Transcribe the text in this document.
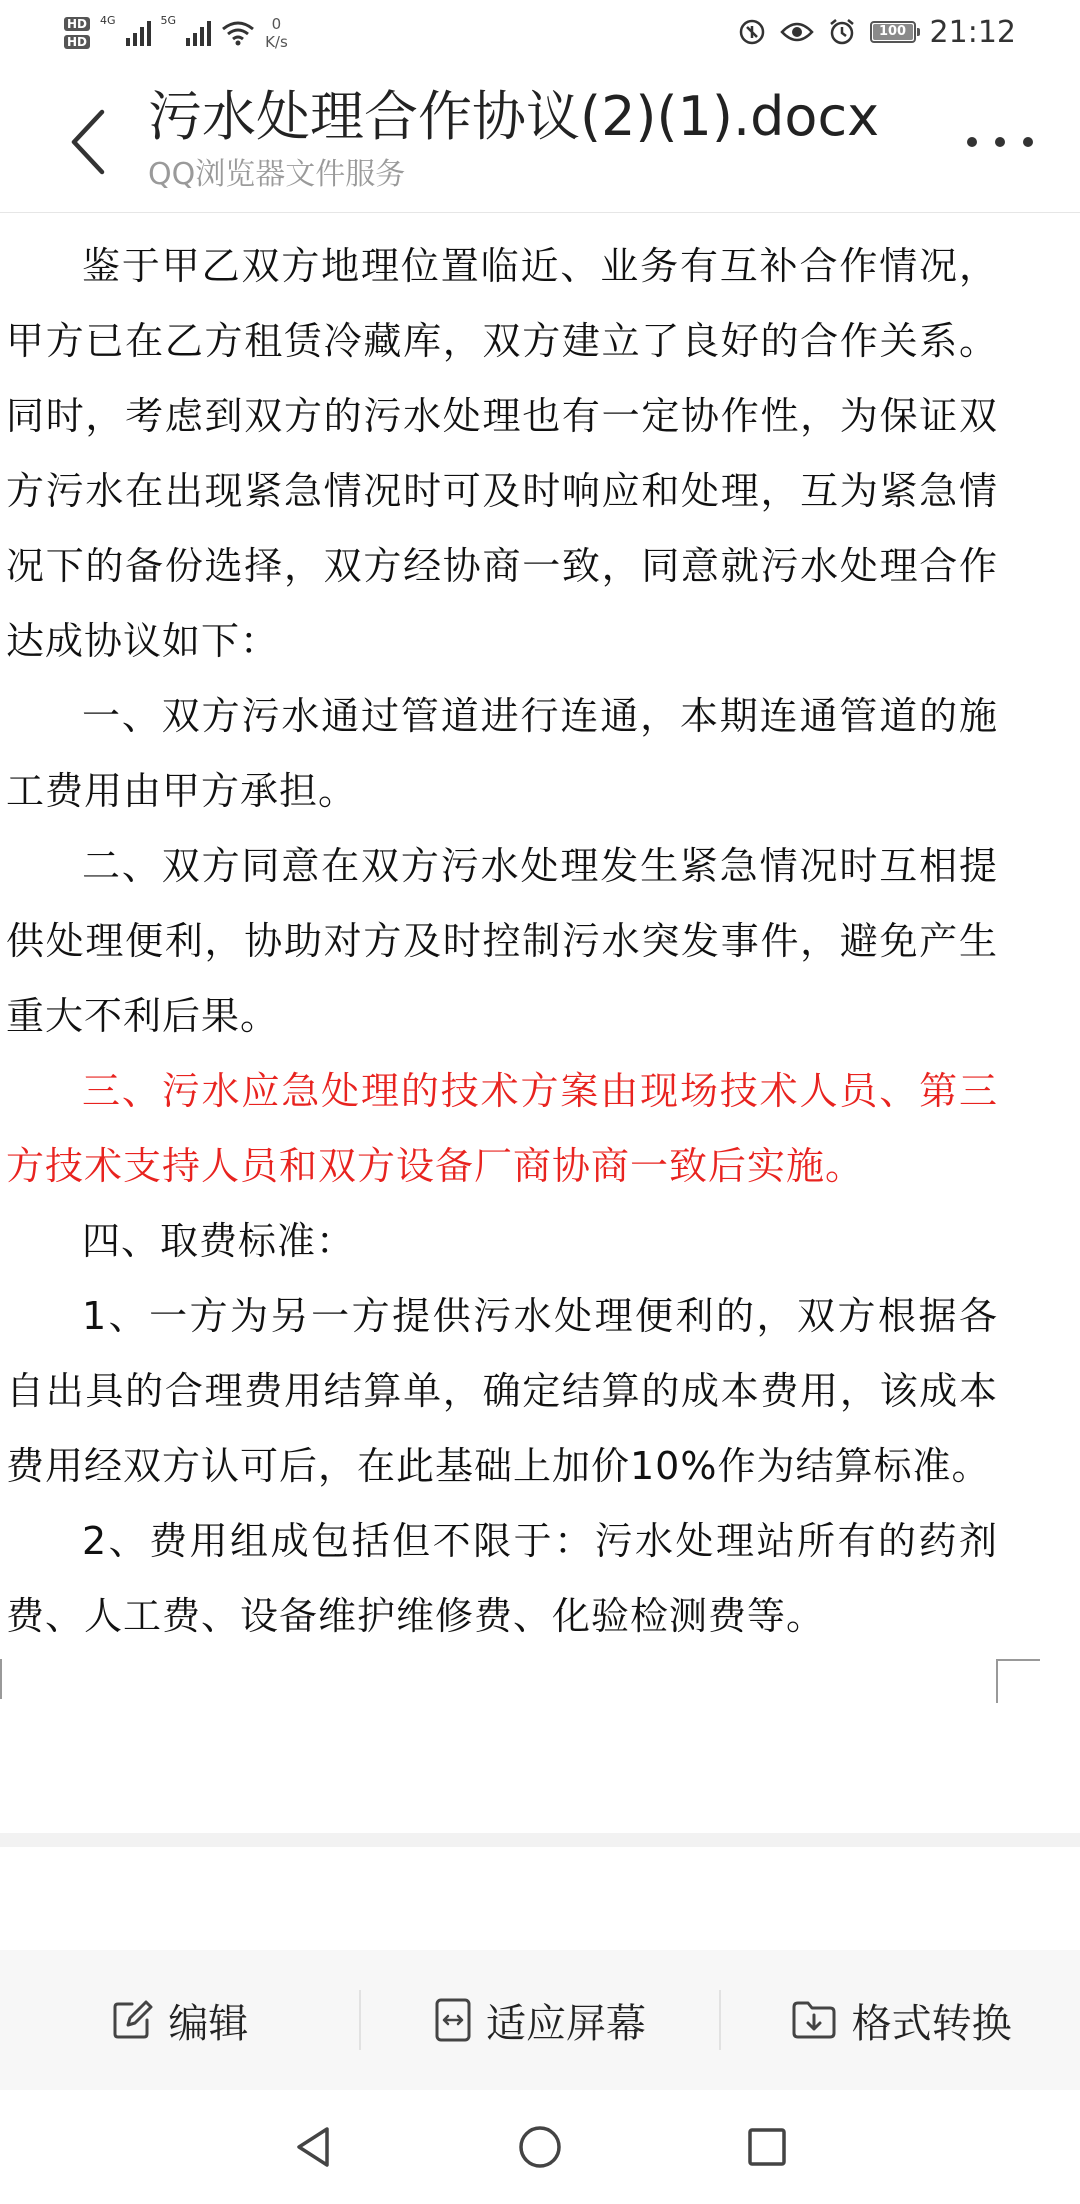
HD
HD
4G	5G	0
K/s
100 21:12
污水处理合作协议(2)(1).docx
QQ浏览器文件服务

鉴于甲乙双方地理位置临近、业务有互补合作情况，甲方已在乙方租赁冷藏库，双方建立了良好的合作关系。同时，考虑到双方的污水处理也有一定协作性，为保证双方污水在出现紧急情况时可及时响应和处理，互为紧急情况下的备份选择，双方经协商一致，同意就污水处理合作达成协议如下：

一、双方污水通过管道进行连通，本期连通管道的施工费用由甲方承担。

二、双方同意在双方污水处理发生紧急情况时互相提供处理便利，协助对方及时控制污水突发事件，避免产生重大不利后果。

三、污水应急处理的技术方案由现场技术人员、第三方技术支持人员和双方设备厂商协商一致后实施。

四、取费标准：

1、一方为另一方提供污水处理便利的，双方根据各自出具的合理费用结算单，确定结算的成本费用，该成本费用经双方认可后，在此基础上加价10%作为结算标准。

2、费用组成包括但不限于：污水处理站所有的药剂费、人工费、设备维护维修费、化验检测费等。

编辑	适应屏幕	格式转换
